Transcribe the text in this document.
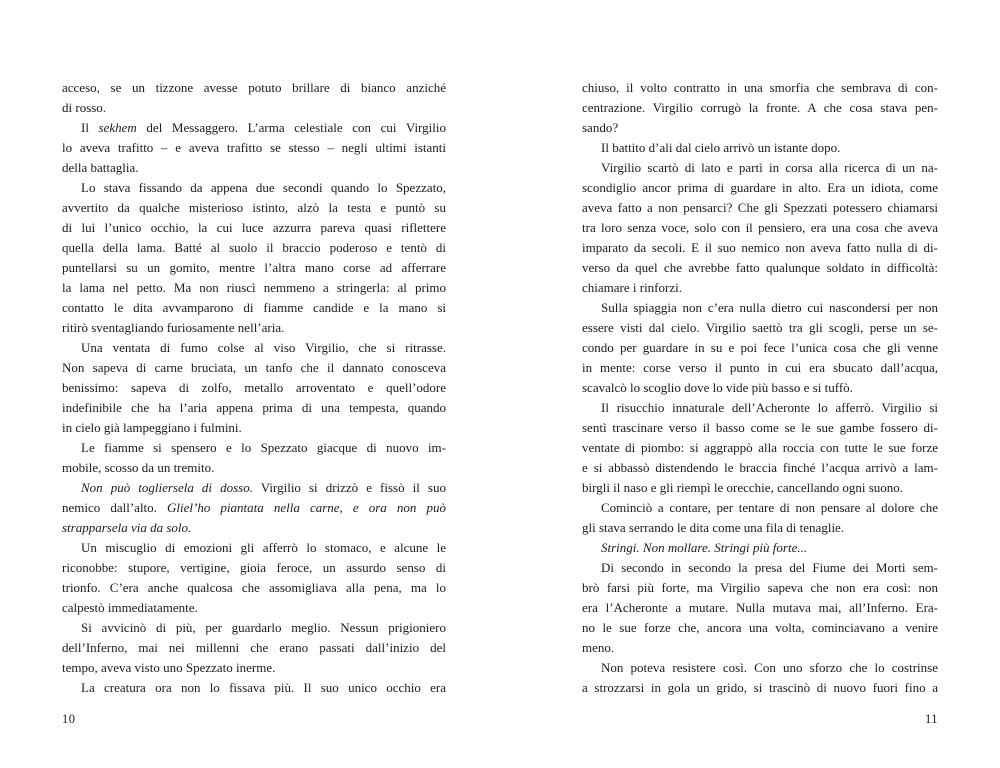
acceso, se un tizzone avesse potuto brillare di bianco anziché
di rosso.
Il sekhem del Messaggero. L’arma celestiale con cui Virgilio
lo aveva trafitto – e aveva trafitto se stesso – negli ultimi istanti
della battaglia.
Lo stava fissando da appena due secondi quando lo Spezzato,
avvertito da qualche misterioso istinto, alzò la testa e puntò su
di lui l’unico occhio, la cui luce azzurra pareva quasi riflettere
quella della lama. Batté al suolo il braccio poderoso e tentò di
puntellarsi su un gomito, mentre l’altra mano corse ad afferrare
la lama nel petto. Ma non riuscì nemmeno a stringerla: al primo
contatto le dita avvamparono di fiamme candide e la mano si
ritirò sventagliando furiosamente nell’aria.
Una ventata di fumo colse al viso Virgilio, che si ritrasse.
Non sapeva di carne bruciata, un tanfo che il dannato conosceva
benissimo: sapeva di zolfo, metallo arroventato e quell’odore
indefinibile che ha l’aria appena prima di una tempesta, quando
in cielo già lampeggiano i fulmini.
Le fiamme si spensero e lo Spezzato giacque di nuovo im-
mobile, scosso da un tremito.
Non può togliersela di dosso. Virgilio si drizzò e fissò il suo
nemico dall’alto. Gliel’ho piantata nella carne, e ora non può
strapparsela via da solo.
Un miscuglio di emozioni gli afferrò lo stomaco, e alcune le
riconobbe: stupore, vertigine, gioia feroce, un assurdo senso di
trionfo. C’era anche qualcosa che assomigliava alla pena, ma lo
calpestò immediatamente.
Si avvicinò di più, per guardarlo meglio. Nessun prigioniero
dell’Inferno, mai nei millenni che erano passati dall’inizio del
tempo, aveva visto uno Spezzato inerme.
La creatura ora non lo fissava più. Il suo unico occhio era
10
chiuso, il volto contratto in una smorfia che sembrava di con-
centrazione. Virgilio corrugò la fronte. A che cosa stava pen-
sando?
Il battito d’ali dal cielo arrivò un istante dopo.
Virgilio scartò di lato e partì in corsa alla ricerca di un na-
scondiglio ancor prima di guardare in alto. Era un idiota, come
aveva fatto a non pensarci? Che gli Spezzati potessero chiamarsi
tra loro senza voce, solo con il pensiero, era una cosa che aveva
imparato da secoli. E il suo nemico non aveva fatto nulla di di-
verso da quel che avrebbe fatto qualunque soldato in difficoltà:
chiamare i rinforzi.
Sulla spiaggia non c’era nulla dietro cui nascondersi per non
essere visti dal cielo. Virgilio saettò tra gli scogli, perse un se-
condo per guardare in su e poi fece l’unica cosa che gli venne
in mente: corse verso il punto in cui era sbucato dall’acqua,
scavalcò lo scoglio dove lo vide più basso e si tuffò.
Il risucchio innaturale dell’Acheronte lo afferrò. Virgilio si
sentì trascinare verso il basso come se le sue gambe fossero di-
ventate di piombo: si aggrappò alla roccia con tutte le sue forze
e si abbassò distendendo le braccia finché l’acqua arrivò a lam-
birgli il naso e gli riempì le orecchie, cancellando ogni suono.
Cominciò a contare, per tentare di non pensare al dolore che
gli stava serrando le dita come una fila di tenaglie.
Stringi. Non mollare. Stringi più forte...
Di secondo in secondo la presa del Fiume dei Morti sem-
brò farsi più forte, ma Virgilio sapeva che non era così: non
era l’Acheronte a mutare. Nulla mutava mai, all’Inferno. Era-
no le sue forze che, ancora una volta, cominciavano a venire
meno.
Non poteva resistere così. Con uno sforzo che lo costrinse
a strozzarsi in gola un grido, si trascinò di nuovo fuori fino a
11
